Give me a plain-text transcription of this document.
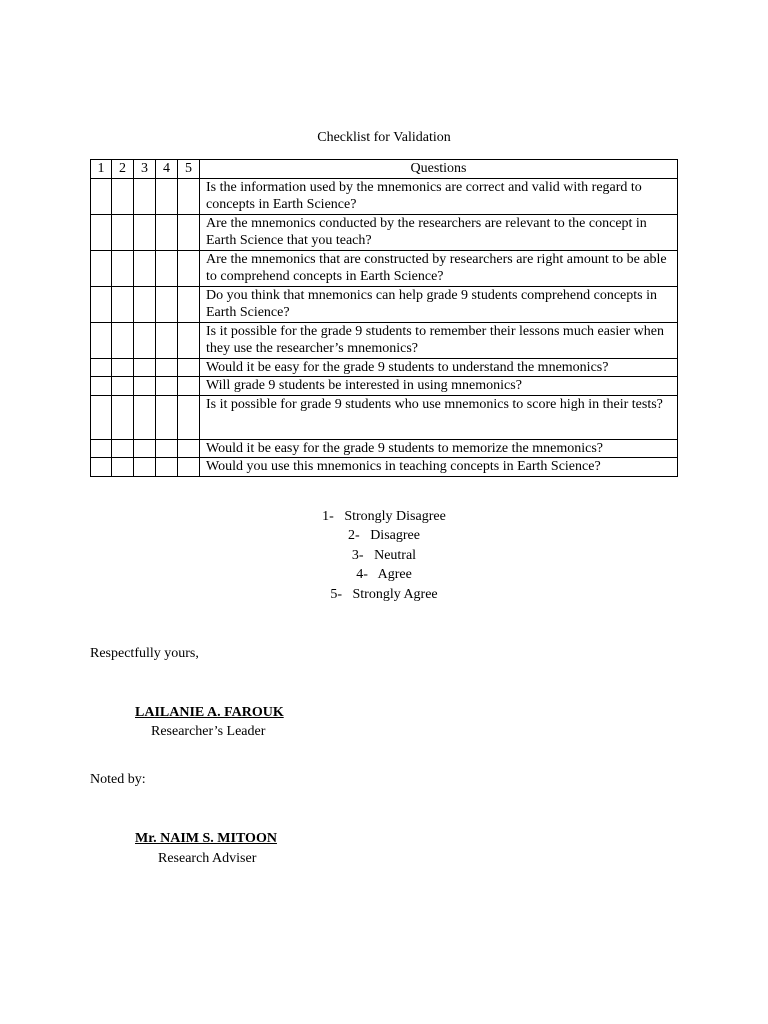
Checklist for Validation
1	2	3	4	5	Questions
					Is the information used by the mnemonics are correct and valid with regard to concepts in Earth Science?
					Are the mnemonics conducted by the researchers are relevant to the concept in Earth Science that you teach?
					Are the mnemonics that are constructed by researchers are right amount to be able to comprehend concepts in Earth Science?
					Do you think that mnemonics can help grade 9 students comprehend concepts in Earth Science?
					Is it possible for the grade 9 students to remember their lessons much easier when they use the researcher’s mnemonics?
					Would it be easy for the grade 9 students to understand the mnemonics?
					Will grade 9 students be interested in using mnemonics?
					Is it possible for grade 9 students who use mnemonics to score high in their tests?
					Would it be easy for the grade 9 students to memorize the mnemonics?
					Would you use this mnemonics in teaching concepts in Earth Science?
1-   Strongly Disagree
2-   Disagree
3-   Neutral
4-   Agree
5-   Strongly Agree
Respectfully yours,
LAILANIE A. FAROUK
Researcher’s Leader
Noted by:
Mr. NAIM S. MITOON
Research Adviser
